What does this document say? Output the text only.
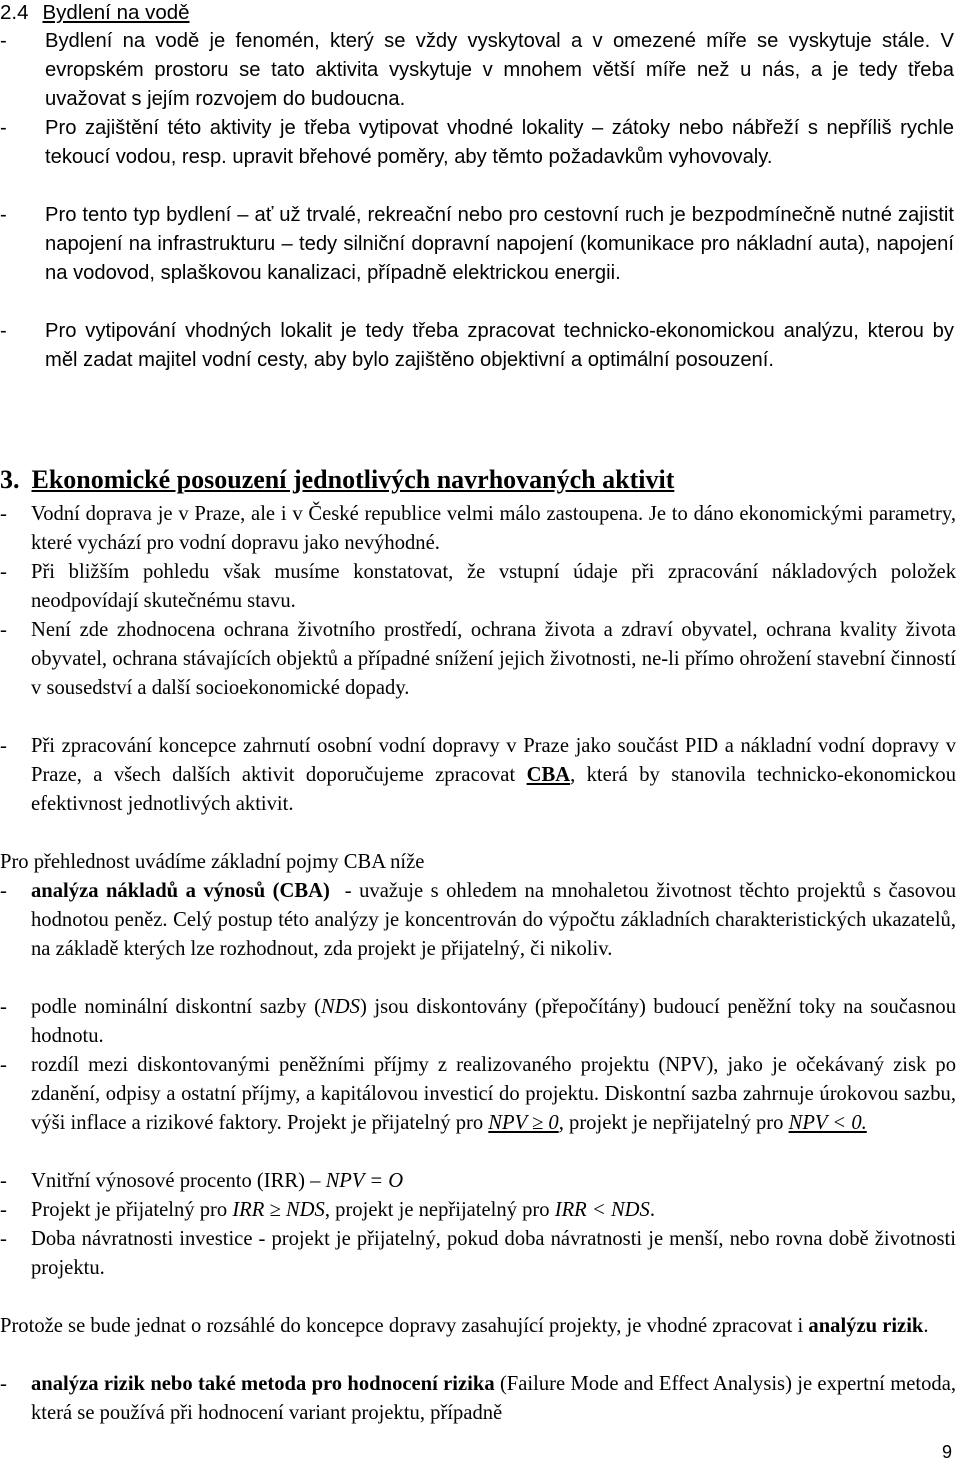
2.4 Bydlení na vodě
- Bydlení na vodě je fenomén, který se vždy vyskytoval a v omezené míře se vyskytuje stále. V evropském prostoru se tato aktivita vyskytuje v mnohem větší míře než u nás, a je tedy třeba uvažovat s jejím rozvojem do budoucna.
- Pro zajištění této aktivity je třeba vytipovat vhodné lokality – zátoky nebo nábřeží s nepříliš rychle tekoucí vodou, resp. upravit břehové poměry, aby těmto požadavkům vyhovovaly.
- Pro tento typ bydlení – ať už trvalé, rekreační nebo pro cestovní ruch je bezpodmínečně nutné zajistit napojení na infrastrukturu – tedy silniční dopravní napojení (komunikace pro nákladní auta), napojení na vodovod, splaškovou kanalizaci, případně elektrickou energii.
- Pro vytipování vhodných lokalit je tedy třeba zpracovat technicko-ekonomickou analýzu, kterou by měl zadat majitel vodní cesty, aby bylo zajištěno objektivní a optimální posouzení.
3. Ekonomické posouzení jednotlivých navrhovaných aktivit
- Vodní doprava je v Praze, ale i v České republice velmi málo zastoupena. Je to dáno ekonomickými parametry, které vychází pro vodní dopravu jako nevýhodné.
- Při bližším pohledu však musíme konstatovat, že vstupní údaje při zpracování nákladových položek neodpovídají skutečnému stavu.
- Není zde zhodnocena ochrana životního prostředí, ochrana života a zdraví obyvatel, ochrana kvality života obyvatel, ochrana stávajících objektů a případné snížení jejich životnosti, ne-li přímo ohrožení stavební činností v sousedství a další socioekonomické dopady.
- Při zpracování koncepce zahrnutí osobní vodní dopravy v Praze jako součást PID a nákladní vodní dopravy v Praze, a všech dalších aktivit doporučujeme zpracovat CBA, která by stanovila technicko-ekonomickou efektivnost jednotlivých aktivit.
Pro přehlednost uvádíme základní pojmy CBA níže
- analýza nákladů a výnosů (CBA) - uvažuje s ohledem na mnohaletou životnost těchto projektů s časovou hodnotou peněz. Celý postup této analýzy je koncentrován do výpočtu základních charakteristických ukazatelů, na základě kterých lze rozhodnout, zda projekt je přijatelný, či nikoliv.
- podle nominální diskontní sazby (NDS) jsou diskontovány (přepočítány) budoucí peněžní toky na současnou hodnotu.
- rozdíl mezi diskontovanými peněžními příjmy z realizovaného projektu (NPV), jako je očekávaný zisk po zdanění, odpisy a ostatní příjmy, a kapitálovou investicí do projektu. Diskontní sazba zahrnuje úrokovou sazbu, výši inflace a rizikové faktory. Projekt je přijatelný pro NPV ≥ 0, projekt je nepřijatelný pro NPV < 0.
- Vnitřní výnosové procento (IRR) – NPV = O
- Projekt je přijatelný pro IRR ≥ NDS, projekt je nepřijatelný pro IRR < NDS.
- Doba návratnosti investice - projekt je přijatelný, pokud doba návratnosti je menší, nebo rovna době životnosti projektu.
Protože se bude jednat o rozsáhlé do koncepce dopravy zasahující projekty, je vhodné zpracovat i analýzu rizik.
- analýza rizik nebo také metoda pro hodnocení rizika (Failure Mode and Effect Analysis) je expertní metoda, která se používá při hodnocení variant projektu, případně
9
